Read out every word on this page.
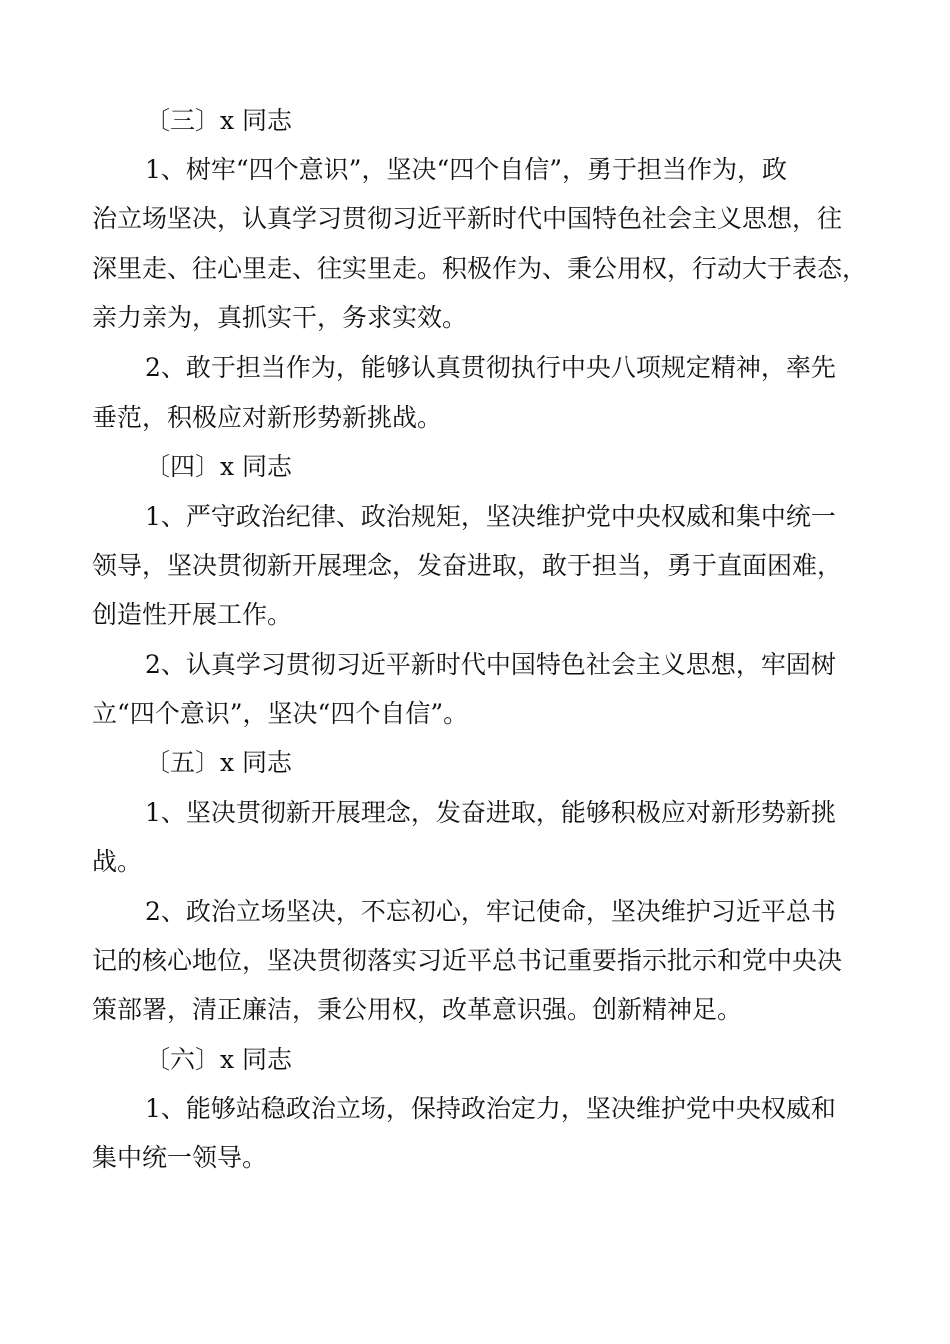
〔三〕x 同志
1、树牢“四个意识”，坚决“四个自信”，勇于担当作为，政
治立场坚决，认真学习贯彻习近平新时代中国特色社会主义思想，往
深里走、往心里走、往实里走。积极作为、秉公用权，行动大于表态，
亲力亲为，真抓实干，务求实效。
2、敢于担当作为，能够认真贯彻执行中央八项规定精神，率先
垂范，积极应对新形势新挑战。
〔四〕x 同志
1、严守政治纪律、政治规矩，坚决维护党中央权威和集中统一
领导，坚决贯彻新开展理念，发奋进取，敢于担当，勇于直面困难，
创造性开展工作。
2、认真学习贯彻习近平新时代中国特色社会主义思想，牢固树
立“四个意识”，坚决“四个自信”。
〔五〕x 同志
1、坚决贯彻新开展理念，发奋进取，能够积极应对新形势新挑
战。
2、政治立场坚决，不忘初心，牢记使命，坚决维护习近平总书
记的核心地位，坚决贯彻落实习近平总书记重要指示批示和党中央决
策部署，清正廉洁，秉公用权，改革意识强。创新精神足。
〔六〕x 同志
1、能够站稳政治立场，保持政治定力，坚决维护党中央权威和
集中统一领导。
